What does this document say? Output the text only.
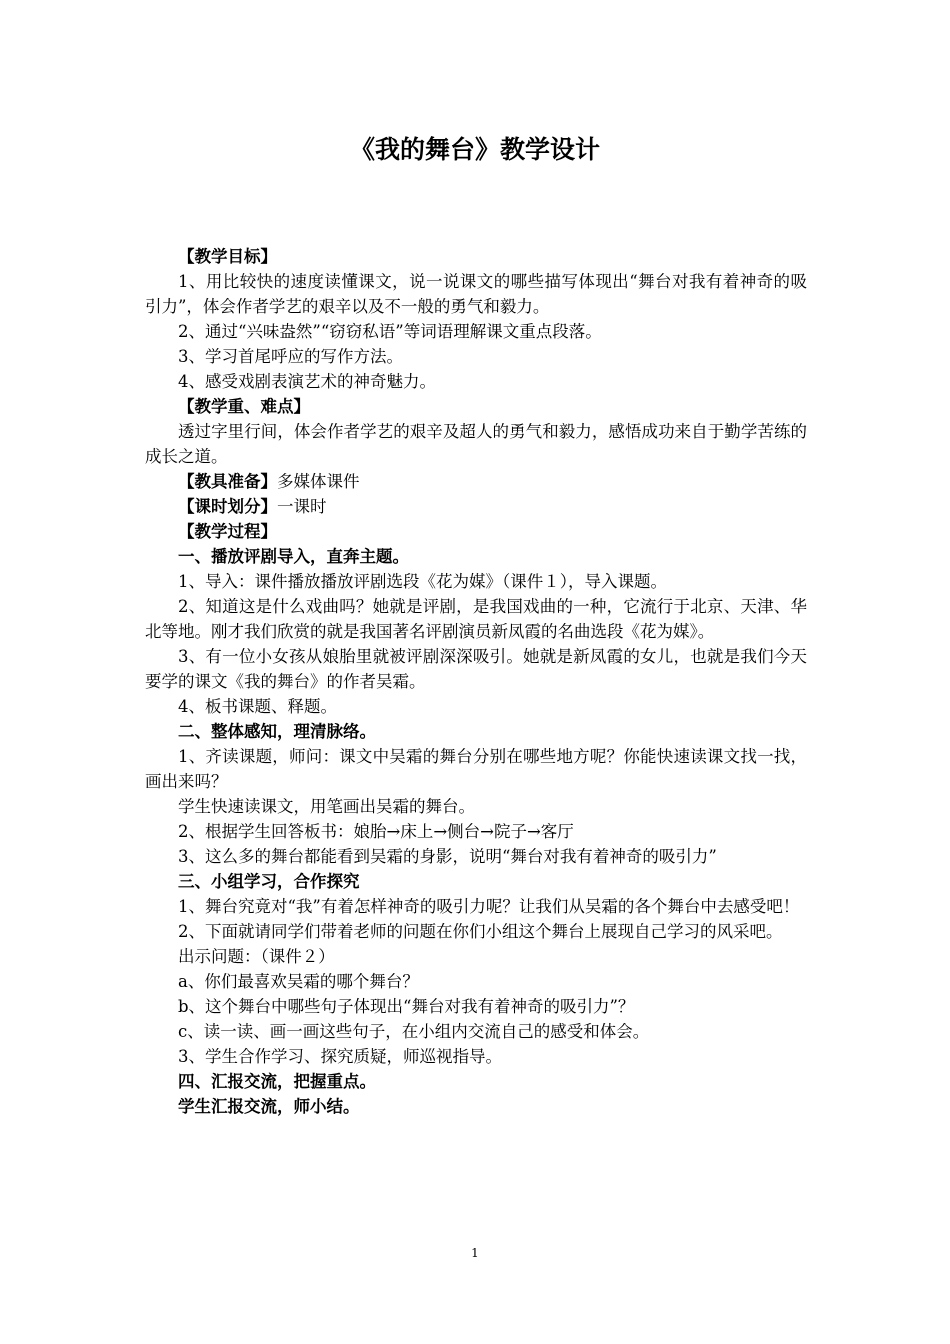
《我的舞台》教学设计

【教学目标】

1、用比较快的速度读懂课文，说一说课文的哪些描写体现出“舞台对我有着神奇的吸引力”，体会作者学艺的艰辛以及不一般的勇气和毅力。

2、通过“兴味盎然”“窃窃私语”等词语理解课文重点段落。

3、学习首尾呼应的写作方法。

4、感受戏剧表演艺术的神奇魅力。

【教学重、难点】

透过字里行间，体会作者学艺的艰辛及超人的勇气和毅力，感悟成功来自于勤学苦练的成长之道。

【教具准备】多媒体课件

【课时划分】一课时

【教学过程】

一、播放评剧导入，直奔主题。

1、导入：课件播放播放评剧选段《花为媒》（课件１），导入课题。

2、知道这是什么戏曲吗？她就是评剧，是我国戏曲的一种，它流行于北京、天津、华北等地。刚才我们欣赏的就是我国著名评剧演员新凤霞的名曲选段《花为媒》。

3、有一位小女孩从娘胎里就被评剧深深吸引。她就是新凤霞的女儿，也就是我们今天要学的课文《我的舞台》的作者吴霜。

4、板书课题、释题。

二、整体感知，理清脉络。

1、齐读课题，师问：课文中吴霜的舞台分别在哪些地方呢？你能快速读课文找一找，画出来吗？

学生快速读课文，用笔画出吴霜的舞台。

2、根据学生回答板书：娘胎→床上→侧台→院子→客厅

3、这么多的舞台都能看到吴霜的身影，说明“舞台对我有着神奇的吸引力”

三、小组学习，合作探究

1、舞台究竟对“我”有着怎样神奇的吸引力呢？让我们从吴霜的各个舞台中去感受吧！

2、下面就请同学们带着老师的问题在你们小组这个舞台上展现自己学习的风采吧。

出示问题：（课件２）

a、你们最喜欢吴霜的哪个舞台？

b、这个舞台中哪些句子体现出“舞台对我有着神奇的吸引力”？

c、读一读、画一画这些句子，在小组内交流自己的感受和体会。

3、学生合作学习、探究质疑，师巡视指导。

四、汇报交流，把握重点。

学生汇报交流，师小结。

1
